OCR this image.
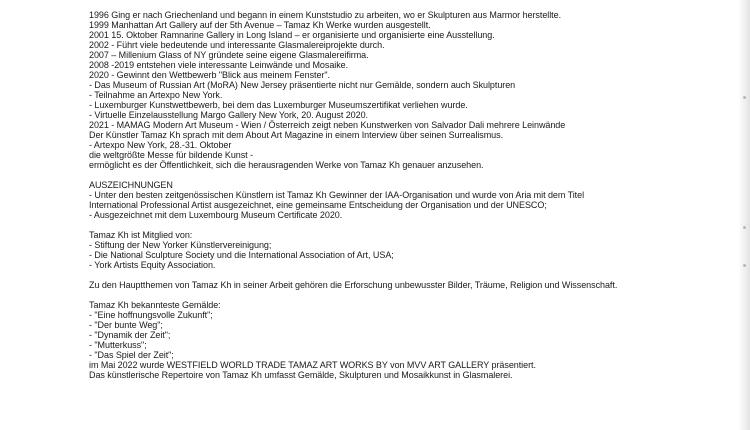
1996 Ging er nach Griechenland und begann in einem Kunststudio zu arbeiten, wo er Skulpturen aus Marmor herstellte.
1999 Manhattan Art Gallery auf der 5th Avenue – Tamaz Kh Werke wurden ausgestellt.
2001 15. Oktober Ramnarine Gallery in Long Island – er organisierte und organisierte eine Ausstellung.
2002 - Führt viele bedeutende und interessante Glasmalereiprojekte durch.
2007 – Millenium Glass of NY gründete seine eigene Glasmalereifirma.
2008 -2019 entstehen viele interessante Leinwände und Mosaike.
2020 - Gewinnt den Wettbewerb "Blick aus meinem Fenster".
- Das Museum of Russian Art (MoRA) New Jersey präsentierte nicht nur Gemälde, sondern auch Skulpturen
- Teilnahme an Artexpo New York.
- Luxemburger Kunstwettbewerb, bei dem das Luxemburger Museumszertifikat verliehen wurde.
- Virtuelle Einzelausstellung Margo Gallery New York, 20. August 2020.
2021 - MAMAG Modern Art Museum - Wien / Österreich zeigt neben Kunstwerken von Salvador Dali mehrere Leinwände
Der Künstler Tamaz Kh sprach mit dem About Art Magazine in einem Interview über seinen Surrealismus.
- Artexpo New York, 28.-31. Oktober
die weltgrößte Messe für bildende Kunst -
ermöglicht es der Öffentlichkeit, sich die herausragenden Werke von Tamaz Kh genauer anzusehen.
AUSZEICHNUNGEN
- Unter den besten zeitgenössischen Künstlern ist Tamaz Kh Gewinner der IAA-Organisation und wurde von Aria mit dem Titel
International Professional Artist ausgezeichnet, eine gemeinsame Entscheidung der Organisation und der UNESCO;
- Ausgezeichnet mit dem Luxembourg Museum Certificate 2020.
Tamaz Kh ist Mitglied von:
- Stiftung der New Yorker Künstlervereinigung;
- Die National Sculpture Society und die International Association of Art, USA;
- York Artists Equity Association.
Zu den Hauptthemen von Tamaz Kh in seiner Arbeit gehören die Erforschung unbewusster Bilder, Träume, Religion und Wissenschaft.
Tamaz Kh bekannteste Gemälde:
- "Eine hoffnungsvolle Zukunft";
- "Der bunte Weg";
- "Dynamik der Zeit";
- "Mutterkuss";
- "Das Spiel der Zeit";
im Mai 2022 wurde WESTFIELD WORLD TRADE TAMAZ ART WORKS BY von MVV ART GALLERY präsentiert.
Das künstlerische Repertoire von Tamaz Kh umfasst Gemälde, Skulpturen und Mosaikkunst in Glasmalerei.
